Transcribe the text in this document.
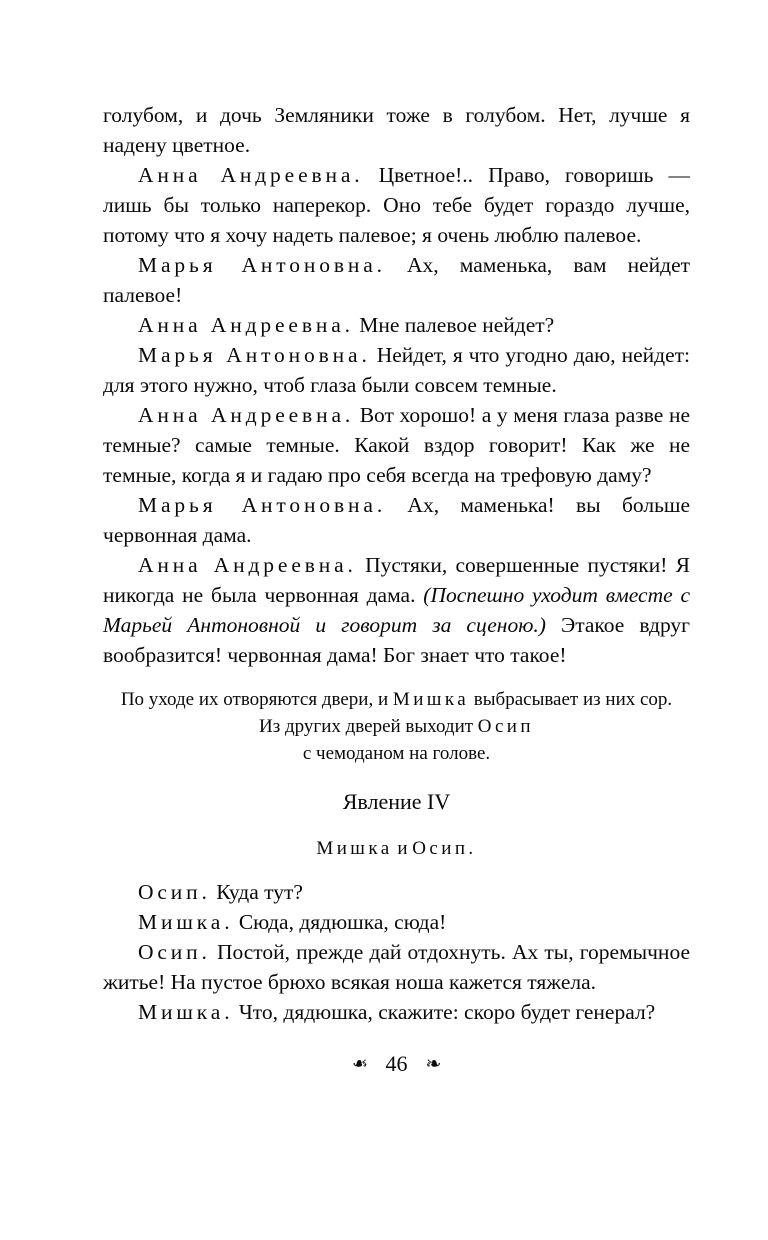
голубом, и дочь Земляники тоже в голубом. Нет, лучше я надену цветное.

Анна Андреевна. Цветное!.. Право, говоришь — лишь бы только наперекор. Оно тебе будет гораздо лучше, потому что я хочу надеть палевое; я очень люблю палевое.

Марья Антоновна. Ах, маменька, вам нейдет палевое!

Анна Андреевна. Мне палевое нейдет?

Марья Антоновна. Нейдет, я что угодно даю, нейдет: для этого нужно, чтоб глаза были совсем темные.

Анна Андреевна. Вот хорошо! а у меня глаза разве не темные? самые темные. Какой вздор говорит! Как же не темные, когда я и гадаю про себя всегда на трефовую даму?

Марья Антоновна. Ах, маменька! вы больше червонная дама.

Анна Андреевна. Пустяки, совершенные пустяки! Я никогда не была червонная дама. (Поспешно уходит вместе с Марьей Антоновной и говорит за сценою.) Этакое вдруг вообразится! червонная дама! Бог знает что такое!

По уходе их отворяются двери, и Мишка выбрасывает из них сор.
Из других дверей выходит Осип
с чемоданом на голове.
Явление IV
Мишка и Осип.

Осип. Куда тут?

Мишка. Сюда, дядюшка, сюда!

Осип. Постой, прежде дай отдохнуть. Ах ты, горемычное житье! На пустое брюхо всякая ноша кажется тяжела.

Мишка. Что, дядюшка, скажите: скоро будет генерал?

❧ 46 ❧
